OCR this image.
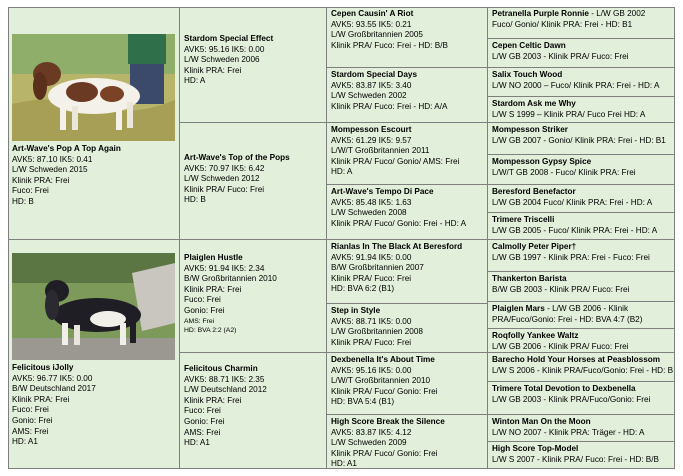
Art-Wave's Pop A Top Again
AVK5: 87.10 IK5: 0.41
L/W Schweden 2015
Klinik PRA: Frei
Fuco: Frei
HD: B
Felicitous iJolly
AVK5: 96.77 IK5: 0.00
B/W Deutschland 2017
Klinik PRA: Frei
Fuco: Frei
Gonio: Frei
AMS: Frei
HD: A1
Stardom Special Effect
AVK5: 95.16 IK5: 0.00
L/W Schweden 2006
Klinik PRA: Frei
HD: A
Art-Wave's Top of the Pops
AVK5: 70.97 IK5: 6.42
L/W Schweden 2012
Klinik PRA/ Fuco: Frei
HD: B
Plaiglen Hustle
AVK5: 91.94 IK5: 2.34
B/W Großbritannien 2010
Klinik PRA: Frei
Fuco: Frei
Gonio: Frei
AMS: Frei
HD: BVA 2:2 (A2)
Felicitous Charmin
AVK5: 88.71 IK5: 2.35
L/W Deutschland 2012
Klinik PRA: Frei
Fuco: Frei
Gonio: Frei
AMS: Frei
HD: A1
Cepen Causin' A Riot
AVK5: 93.55 IK5: 0.21
L/W Großbritannien 2005
Klinik PRA/ Fuco: Frei - HD: B/B
Stardom Special Days
AVK5: 83.87 IK5: 3.40
L/W Schweden 2002
Klinik PRA/ Fuco: Frei - HD: A/A
Mompesson Escourt
AVK5: 61.29 IK5: 9.57
L/W/T Großbritannien 2011
Klinik PRA/ Fuco/ Gonio/ AMS: Frei
HD: A
Art-Wave's Tempo Di Pace
AVK5: 85.48 IK5: 1.63
L/W Schweden 2008
Klinik PRA/ Fuco/ Gonio: Frei - HD: A
Rianlas In The Black At Beresford
AVK5: 91.94 IK5: 0.00
B/W Großbritannien 2007
Klinik PRA/ Fuco: Frei
HD: BVA 6:2 (B1)
Step in Style
AVK5: 88.71 IK5: 0.00
L/W Großbritannien 2008
Klinik PRA/ Fuco: Frei
Dexbenella It's About Time
AVK5: 95.16 IK5: 0.00
L/W/T Großbritannien 2010
Klinik PRA/ Fuco/ Gonio: Frei
HD: BVA 5:4 (B1)
High Score Break the Silence
AVK5: 83.87 IK5: 4.12
L/W Schweden 2009
Klinik PRA/ Fuco/ Gonio: Frei
HD: A1
Petranella Purple Ronnie - L/W GB 2002
Fuco/ Gonio/ Klinik PRA: Frei - HD: B1
Cepen Celtic Dawn
L/W GB 2003 - Klinik PRA/ Fuco: Frei
Salix Touch Wood
L/W NO 2000 – Fuco/ Klinik PRA: Frei - HD: A
Stardom Ask me Why
L/W S 1999 – Klinik PRA/ Fuco Frei HD: A
Mompesson Striker
L/W GB 2007 - Gonio/ Klinik PRA: Frei - HD: B1
Mompesson Gypsy Spice
L/W/T GB 2008 - Fuco/ Klinik PRA: Frei
Beresford Benefactor
L/W GB 2004 Fuco/ Klinik PRA: Frei - HD: A
Trimere Triscelli
L/W GB 2005 - Fuco/ Klinik PRA: Frei - HD: A
Calmolly Peter Piper†
L/W GB 1997 - Klinik PRA: Frei - Fuco: Frei
Thankerton Barista
B/W GB 2003 - Klinik PRA/ Fuco: Frei
Plaiglen Mars - L/W GB 2006 - Klinik
PRA/Fuco/Gonio: Frei - HD: BVA 4:7 (B2)
Roqfolly Yankee Waltz
L/W GB 2006 - Klinik PRA/ Fuco: Frei
Barecho Hold Your Horses at Peasblossom
L/W S 2006 - Klinik PRA/Fuco/Gonio: Frei - HD: B
Trimere Total Devotion to Dexbenella
L/W GB 2003 - Klinik PRA/Fuco/Gonio: Frei
Winton Man On the Moon
L/W NO 2007 - Klinik PRA: Träger - HD: A
High Score Top-Model
L/W S 2007 - Klinik PRA/ Fuco: Frei - HD: B/B
